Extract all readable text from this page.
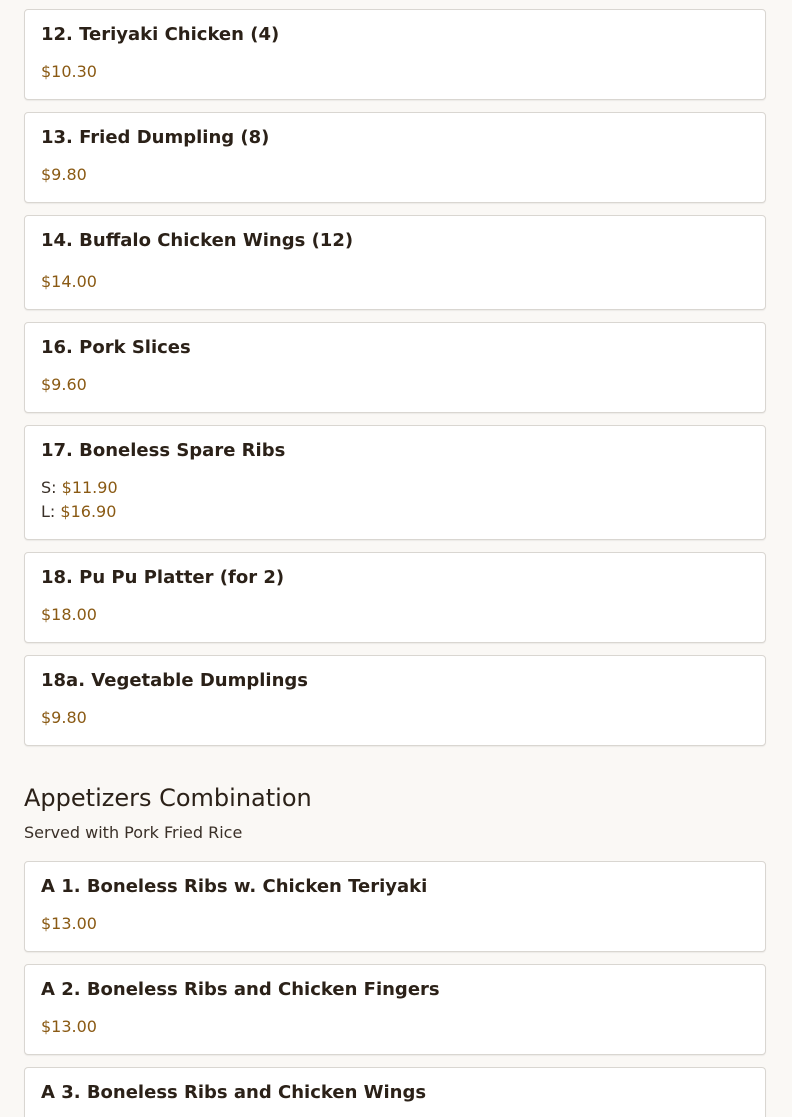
12. Teriyaki Chicken (4)
$10.30
13. Fried Dumpling (8)
$9.80
14. Buffalo Chicken Wings (12)
$14.00
16. Pork Slices
$9.60
17. Boneless Spare Ribs
S: $11.90
L: $16.90
18. Pu Pu Platter (for 2)
$18.00
18a. Vegetable Dumplings
$9.80
Appetizers Combination
Served with Pork Fried Rice
A 1. Boneless Ribs w. Chicken Teriyaki
$13.00
A 2. Boneless Ribs and Chicken Fingers
$13.00
A 3. Boneless Ribs and Chicken Wings
